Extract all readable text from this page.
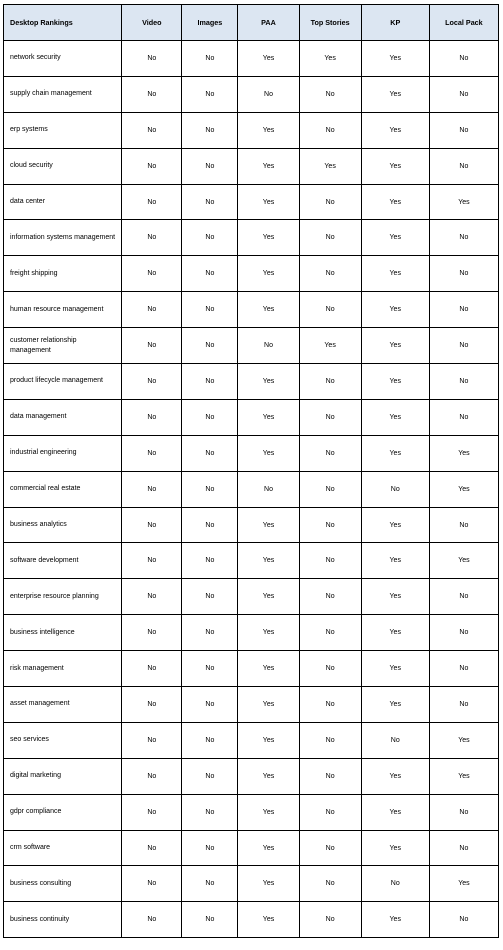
Desktop Rankings	Video	Images	PAA	Top Stories	KP	Local Pack
network security	No	No	Yes	Yes	Yes	No
supply chain management	No	No	No	No	Yes	No
erp systems	No	No	Yes	No	Yes	No
cloud security	No	No	Yes	Yes	Yes	No
data center	No	No	Yes	No	Yes	Yes
information systems management	No	No	Yes	No	Yes	No
freight shipping	No	No	Yes	No	Yes	No
human resource management	No	No	Yes	No	Yes	No
customer relationship management	No	No	No	Yes	Yes	No
product lifecycle management	No	No	Yes	No	Yes	No
data management	No	No	Yes	No	Yes	No
industrial engineering	No	No	Yes	No	Yes	Yes
commercial real estate	No	No	No	No	No	Yes
business analytics	No	No	Yes	No	Yes	No
software development	No	No	Yes	No	Yes	Yes
enterprise resource planning	No	No	Yes	No	Yes	No
business intelligence	No	No	Yes	No	Yes	No
risk management	No	No	Yes	No	Yes	No
asset management	No	No	Yes	No	Yes	No
seo services	No	No	Yes	No	No	Yes
digital marketing	No	No	Yes	No	Yes	Yes
gdpr compliance	No	No	Yes	No	Yes	No
crm software	No	No	Yes	No	Yes	No
business consulting	No	No	Yes	No	No	Yes
business continuity	No	No	Yes	No	Yes	No
